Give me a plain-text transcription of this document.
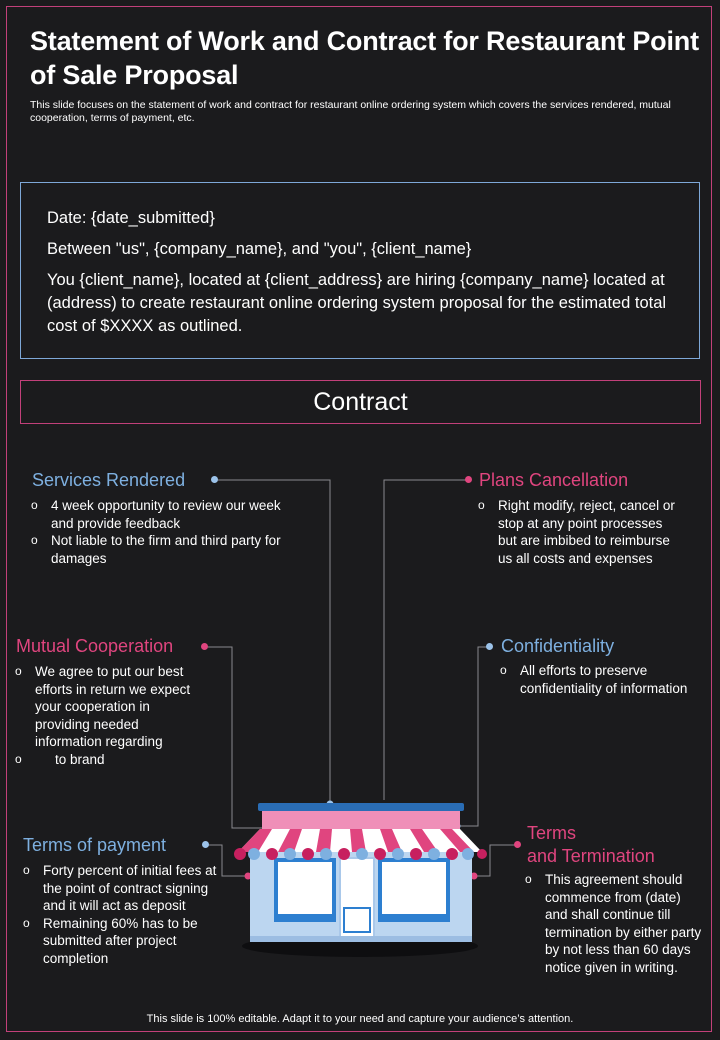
Statement of Work and Contract for Restaurant Point of Sale Proposal
This slide focuses on the statement of work and contract for restaurant online ordering system which covers the services rendered, mutual cooperation, terms of payment, etc.

Date: {date_submitted}

Between "us", {company_name}, and "you", {client_name}

You {client_name}, located at {client_address} are hiring {company_name} located at (address) to create restaurant online ordering system proposal for the estimated total cost of $XXXX as outlined.

Contract
Services Rendered
o 4 week opportunity to review our week and provide feedback
o Not liable to the firm and third party for damages
Plans Cancellation
o Right modify, reject, cancel or stop at any point processes but are imbibed to reimburse us all costs and expenses
Mutual Cooperation
o We agree to put our best efforts in return we expect your cooperation in providing needed information regarding
o to brand
Confidentiality
o All efforts to preserve confidentiality of information
Terms of payment
o Forty percent of initial fees at the point of contract signing and it will act as deposit
o Remaining 60% has to be submitted after project completion
Terms
and Termination
o This agreement should commence from (date) and shall continue till termination by either party by not less than 60 days notice given in writing.
This slide is 100% editable. Adapt it to your need and capture your audience’s attention.
